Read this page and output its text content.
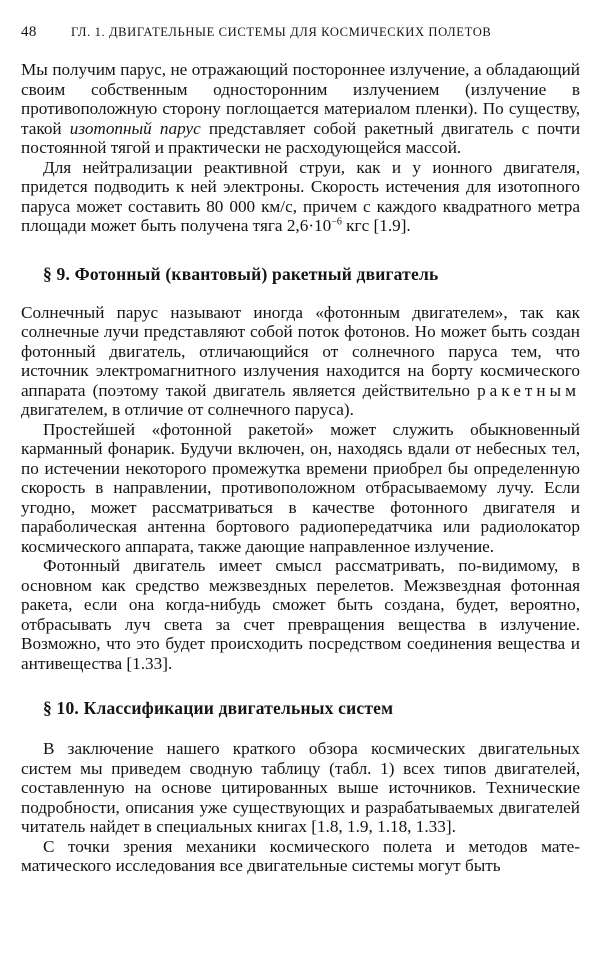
48	ГЛ. 1. ДВИГАТЕЛЬНЫЕ СИСТЕМЫ ДЛЯ КОСМИЧЕСКИХ ПОЛЕТОВ

Мы получим парус, не отражающий постороннее излучение, а обладающий своим собственным односторонним излучением (излучение в противоположную сторону поглощается материалом пленки). По существу, такой изотопный парус представляет собой ракетный двигатель с почти постоянной тягой и практически не расходующейся массой.

Для нейтрализации реактивной струи, как и у ионного двигателя, придется подводить к ней электроны. Скорость истечения для изотопного паруса может составить 80 000 км/с, причем с каждого квадратного метра площади может быть получена тяга $2,6\cdot 10^{-6}$ кгс [1.9].

§ 9. Фотонный (квантовый) ракетный двигатель

Солнечный парус называют иногда «фотонным двигателем», так как солнечные лучи представляют собой поток фотонов. Но может быть создан фотонный двигатель, отличающийся от солнечного паруса тем, что источник электромагнитного излучения находится на борту космического аппарата (поэтому такой двигатель является действительно ракетным двигателем, в отличие от солнечного паруса).

Простейшей «фотонной ракетой» может служить обыкновенный карманный фонарик. Будучи включен, он, находясь вдали от небесных тел, по истечении некоторого промежутка времени приобрел бы определенную скорость в направлении, противоположном отбрасываемому лучу. Если угодно, может рассматриваться в качестве фотонного двигателя и параболическая антенна бортового радиопередатчика или радиолокатор космического аппарата, также дающие направленное излучение.

Фотонный двигатель имеет смысл рассматривать, по-видимому, в основном как средство межзвездных перелетов. Межзвездная фотонная ракета, если она когда-нибудь сможет быть создана, будет, вероятно, отбрасывать луч света за счет превращения вещества в излучение. Возможно, что это будет происходить посредством соединения вещества и антивещества [1.33].

§ 10. Классификации двигательных систем

В заключение нашего краткого обзора космических двигательных систем мы приведем сводную таблицу (табл. 1) всех типов двигателей, составленную на основе цитированных выше источников. Технические подробности, описания уже существующих и разрабатываемых двигателей читатель найдет в специальных книгах [1.8, 1.9, 1.18, 1.33].

С точки зрения механики космического полета и методов математического исследования все двигательные системы могут быть
